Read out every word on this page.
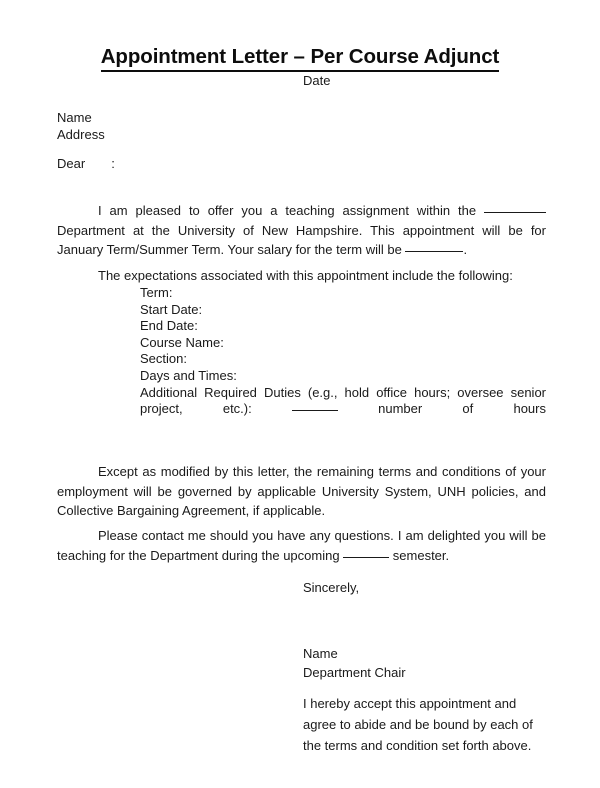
Appointment Letter – Per Course Adjunct
Date
Name
Address
Dear :

I am pleased to offer you a teaching assignment within the  Department at the University of New Hampshire. This appointment will be for January Term/Summer Term. Your salary for the term will be	.

The expectations associated with this appointment include the following:

Term:
Start Date:
End Date:
Course Name:
Section:
Days and Times:
Additional Required Duties (e.g., hold office hours; oversee senior project, etc.):	number of hours

Except as modified by this letter, the remaining terms and conditions of your employment will be governed by applicable University System, UNH policies, and Collective Bargaining Agreement, if applicable.

Please contact me should you have any questions. I am delighted you will be teaching for the Department during the upcoming	semester.

Sincerely,
Name
Department Chair
I hereby accept this appointment and
agree to abide and be bound by each of
the terms and condition set forth above.
